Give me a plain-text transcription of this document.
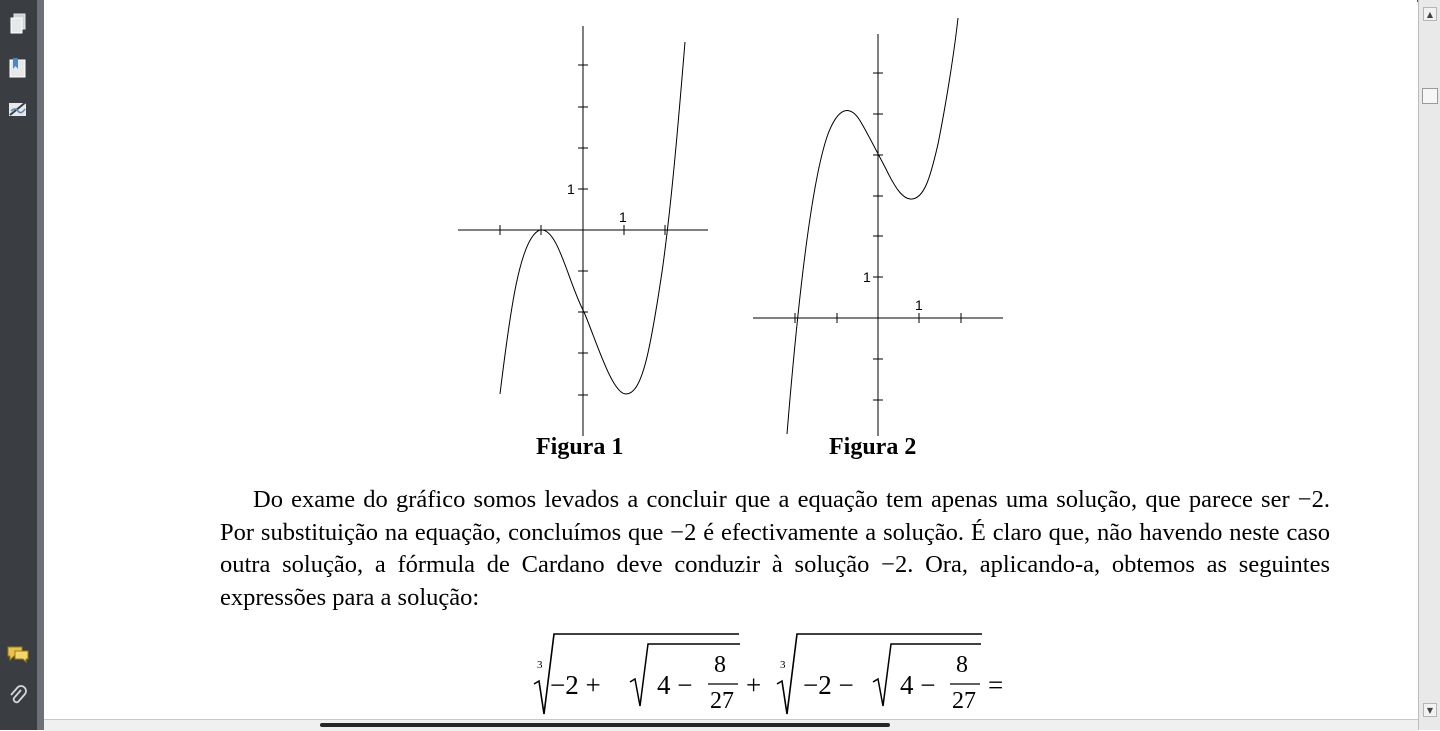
1
1
Figura 1
1
1
Figura 2
Do exame do gráfico somos levados a concluir que a equação tem apenas uma solução, que parece ser −2. Por substituição na equação, concluímos que −2 é efectivamente a solução. É claro que, não havendo neste caso outra solução, a fórmula de Cardano deve conduzir à solução −2. Ora, aplicando-a, obtemos as seguintes expressões para a solução:
3
−2 + 4 −
8
27
+
3
−2 − 4 −
8
27
=
▲
▼
